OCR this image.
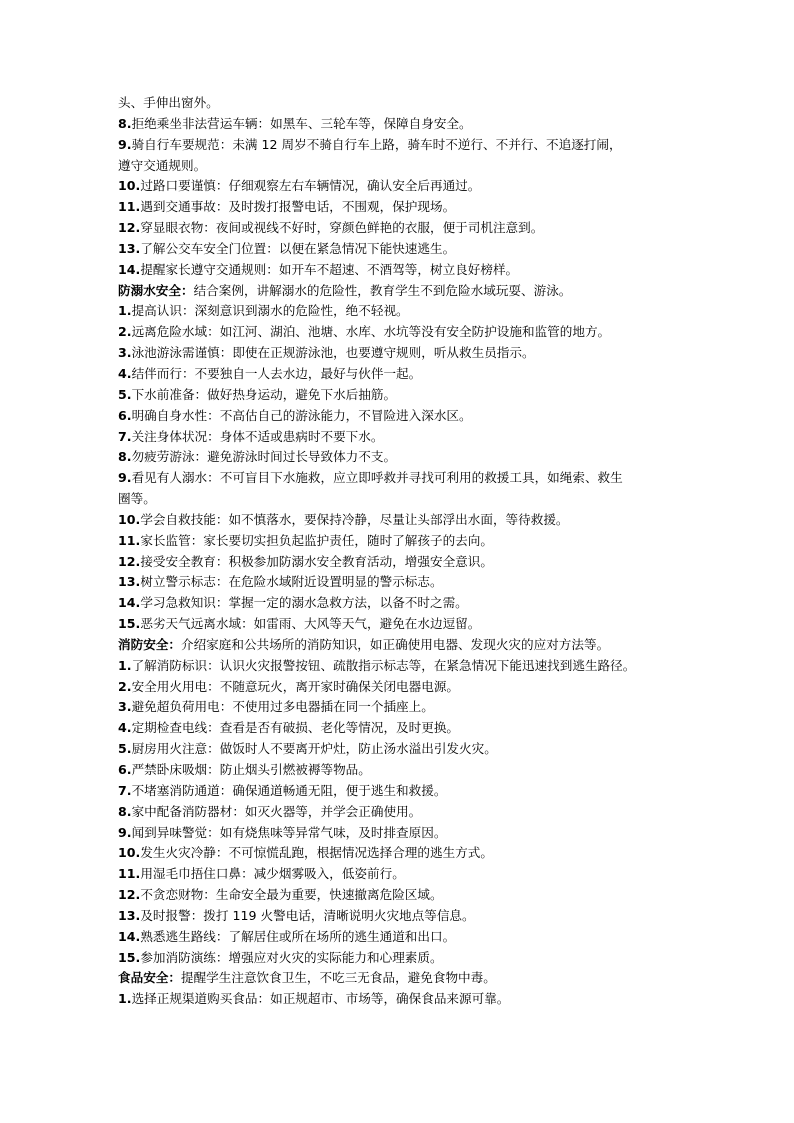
头、手伸出窗外。
8.拒绝乘坐非法营运车辆：如黑车、三轮车等，保障自身安全。
9.骑自行车要规范：未满 12 周岁不骑自行车上路，骑车时不逆行、不并行、不追逐打闹，
遵守交通规则。
10.过路口要谨慎：仔细观察左右车辆情况，确认安全后再通过。
11.遇到交通事故：及时拨打报警电话，不围观，保护现场。
12.穿显眼衣物：夜间或视线不好时，穿颜色鲜艳的衣服，便于司机注意到。
13.了解公交车安全门位置：以便在紧急情况下能快速逃生。
14.提醒家长遵守交通规则：如开车不超速、不酒驾等，树立良好榜样。
防溺水安全：结合案例，讲解溺水的危险性，教育学生不到危险水域玩耍、游泳。
1.提高认识：深刻意识到溺水的危险性，绝不轻视。
2.远离危险水域：如江河、湖泊、池塘、水库、水坑等没有安全防护设施和监管的地方。
3.泳池游泳需谨慎：即使在正规游泳池，也要遵守规则，听从救生员指示。
4.结伴而行：不要独自一人去水边，最好与伙伴一起。
5.下水前准备：做好热身运动，避免下水后抽筋。
6.明确自身水性：不高估自己的游泳能力，不冒险进入深水区。
7.关注身体状况：身体不适或患病时不要下水。
8.勿疲劳游泳：避免游泳时间过长导致体力不支。
9.看见有人溺水：不可盲目下水施救，应立即呼救并寻找可利用的救援工具，如绳索、救生
圈等。
10.学会自救技能：如不慎落水，要保持冷静，尽量让头部浮出水面，等待救援。
11.家长监管：家长要切实担负起监护责任，随时了解孩子的去向。
12.接受安全教育：积极参加防溺水安全教育活动，增强安全意识。
13.树立警示标志：在危险水域附近设置明显的警示标志。
14.学习急救知识：掌握一定的溺水急救方法，以备不时之需。
15.恶劣天气远离水域：如雷雨、大风等天气，避免在水边逗留。
消防安全：介绍家庭和公共场所的消防知识，如正确使用电器、发现火灾的应对方法等。
1.了解消防标识：认识火灾报警按钮、疏散指示标志等，在紧急情况下能迅速找到逃生路径。
2.安全用火用电：不随意玩火，离开家时确保关闭电器电源。
3.避免超负荷用电：不使用过多电器插在同一个插座上。
4.定期检查电线：查看是否有破损、老化等情况，及时更换。
5.厨房用火注意：做饭时人不要离开炉灶，防止汤水溢出引发火灾。
6.严禁卧床吸烟：防止烟头引燃被褥等物品。
7.不堵塞消防通道：确保通道畅通无阻，便于逃生和救援。
8.家中配备消防器材：如灭火器等，并学会正确使用。
9.闻到异味警觉：如有烧焦味等异常气味，及时排查原因。
10.发生火灾冷静：不可惊慌乱跑，根据情况选择合理的逃生方式。
11.用湿毛巾捂住口鼻：减少烟雾吸入，低姿前行。
12.不贪恋财物：生命安全最为重要，快速撤离危险区域。
13.及时报警：拨打 119 火警电话，清晰说明火灾地点等信息。
14.熟悉逃生路线：了解居住或所在场所的逃生通道和出口。
15.参加消防演练：增强应对火灾的实际能力和心理素质。
食品安全：提醒学生注意饮食卫生，不吃三无食品，避免食物中毒。
1.选择正规渠道购买食品：如正规超市、市场等，确保食品来源可靠。
